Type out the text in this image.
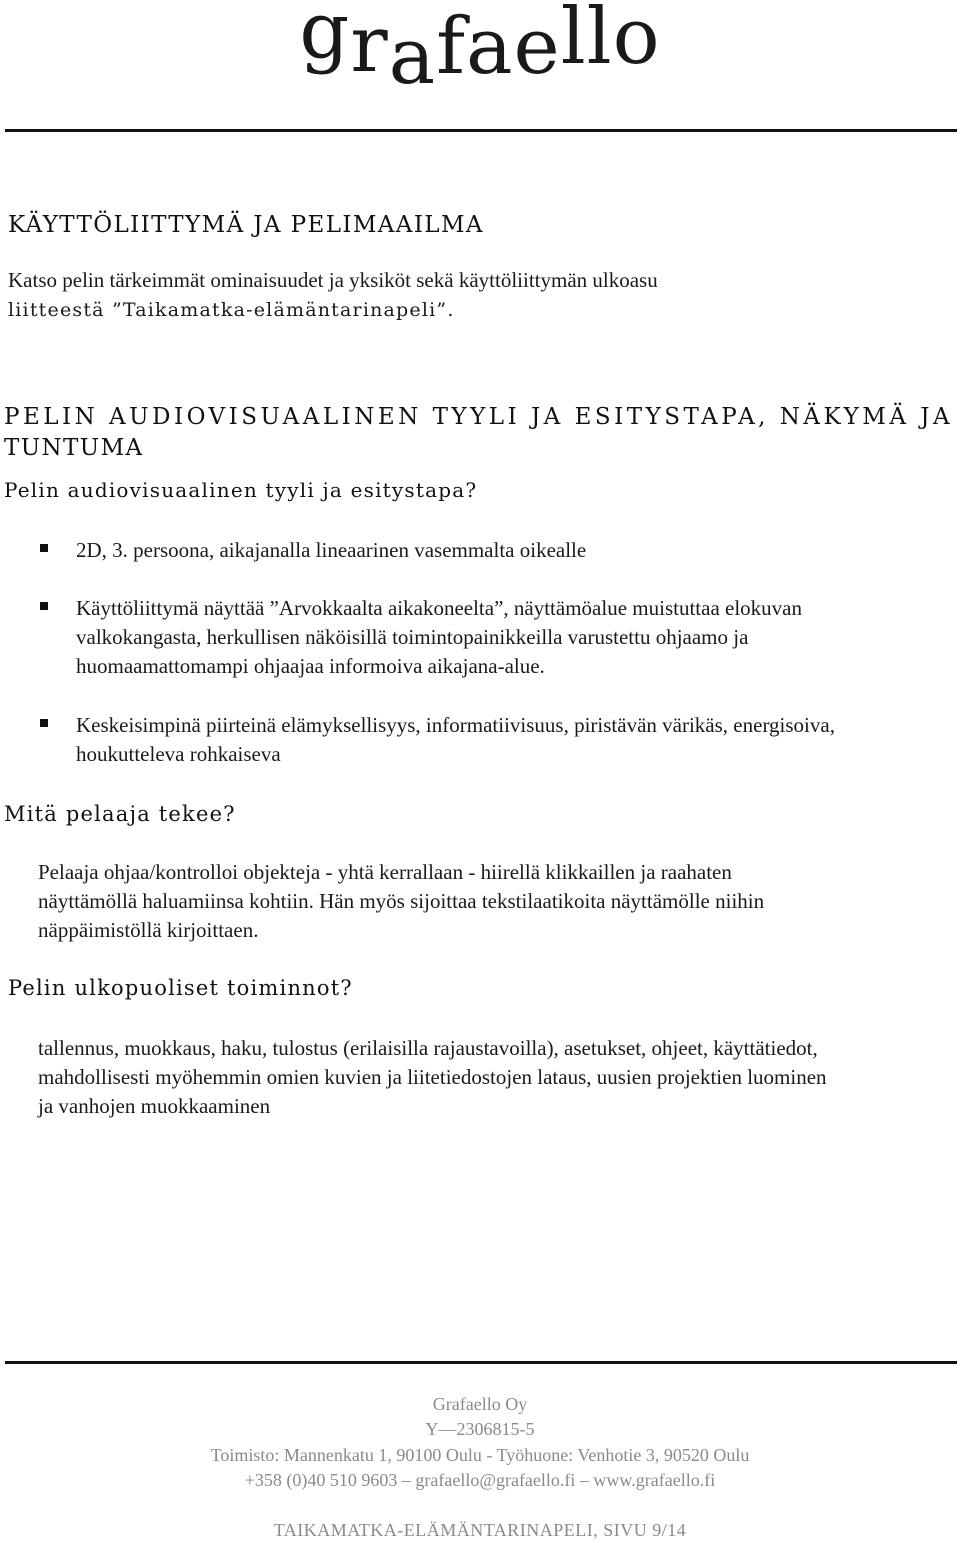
grafaello
KÄYTTÖLIITTYMÄ JA PELIMAAILMA

Katso pelin tärkeimmät ominaisuudet ja yksiköt sekä käyttöliittymän ulkoasu

liitteestä ”Taikamatka-elämäntarinapeli”.

PELIN AUDIOVISUAALINEN TYYLI JA ESITYSTAPA, NÄKYMÄ JA
TUNTUMA
Pelin audiovisuaalinen tyyli ja esitystapa?

2D, 3. persoona, aikajanalla lineaarinen vasemmalta oikealle

Käyttöliittymä näyttää ”Arvokkaalta aikakoneelta”, näyttämöalue muistuttaa elokuvan

valkokangasta, herkullisen näköisillä toimintopainikkeilla varustettu ohjaamo ja

huomaamattomampi ohjaajaa informoiva aikajana-alue.

Keskeisimpinä piirteinä elämyksellisyys, informatiivisuus, piristävän värikäs, energisoiva,

houkutteleva rohkaiseva

Mitä pelaaja tekee?

Pelaaja ohjaa/kontrolloi objekteja - yhtä kerrallaan - hiirellä klikkaillen ja raahaten

näyttämöllä haluamiinsa kohtiin. Hän myös sijoittaa tekstilaatikoita näyttämölle niihin

näppäimistöllä kirjoittaen.

Pelin ulkopuoliset toiminnot?

tallennus, muokkaus, haku, tulostus (erilaisilla rajaustavoilla), asetukset, ohjeet, käyttätiedot,

mahdollisesti myöhemmin omien kuvien ja liitetiedostojen lataus, uusien projektien luominen

ja vanhojen muokkaaminen

Grafaello Oy
Y—2306815-5
Toimisto: Mannenkatu 1, 90100 Oulu - Työhuone: Venhotie 3, 90520 Oulu
+358 (0)40 510 9603 – grafaello@grafaello.fi – www.grafaello.fi
TAIKAMATKA-ELÄMÄNTARINAPELI, SIVU 9/14
